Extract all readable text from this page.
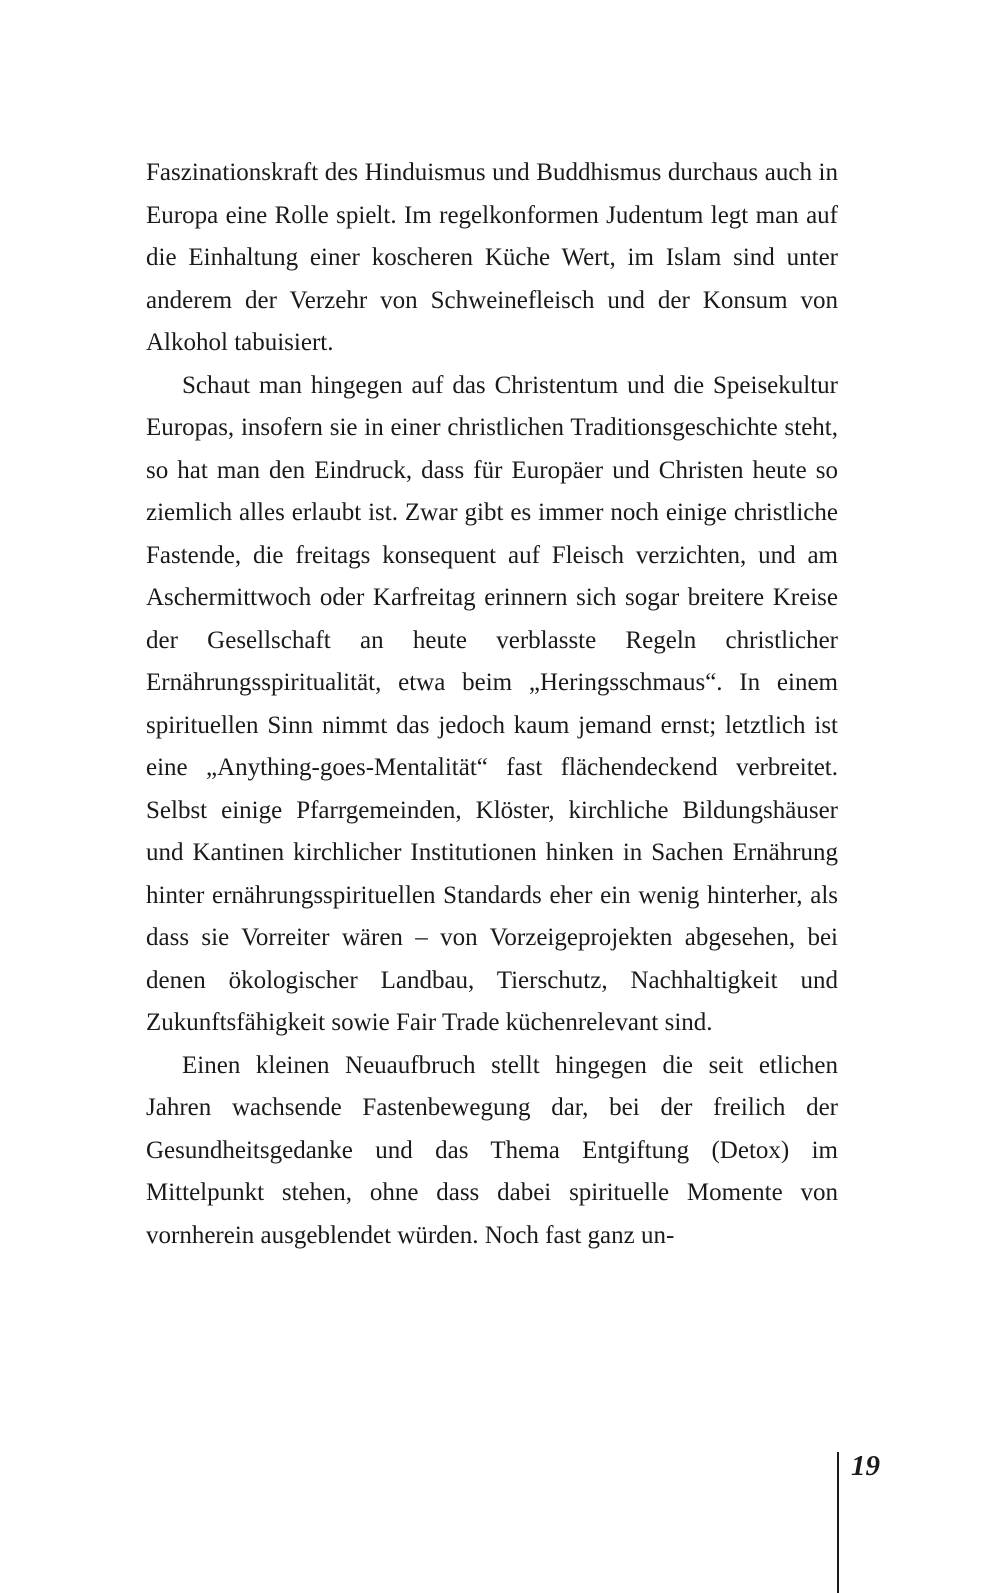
Faszinationskraft des Hinduismus und Buddhismus durchaus auch in Europa eine Rolle spielt. Im regelkonformen Judentum legt man auf die Einhaltung einer koscheren Küche Wert, im Islam sind unter anderem der Verzehr von Schweinefleisch und der Konsum von Alkohol tabuisiert.

Schaut man hingegen auf das Christentum und die Speisekultur Europas, insofern sie in einer christlichen Traditionsgeschichte steht, so hat man den Eindruck, dass für Europäer und Christen heute so ziemlich alles erlaubt ist. Zwar gibt es immer noch einige christliche Fastende, die freitags konsequent auf Fleisch verzichten, und am Aschermittwoch oder Karfreitag erinnern sich sogar breitere Kreise der Gesellschaft an heute verblasste Regeln christlicher Ernährungsspiritualität, etwa beim „Heringsschmaus“. In einem spirituellen Sinn nimmt das jedoch kaum jemand ernst; letztlich ist eine „Anything-goes-Mentalität“ fast flächendeckend verbreitet. Selbst einige Pfarrgemeinden, Klöster, kirchliche Bildungshäuser und Kantinen kirchlicher Institutionen hinken in Sachen Ernährung hinter ernährungsspirituellen Standards eher ein wenig hinterher, als dass sie Vorreiter wären – von Vorzeigeprojekten abgesehen, bei denen ökologischer Landbau, Tierschutz, Nachhaltigkeit und Zukunftsfähigkeit sowie Fair Trade küchenrelevant sind.

Einen kleinen Neuaufbruch stellt hingegen die seit etlichen Jahren wachsende Fastenbewegung dar, bei der freilich der Gesundheitsgedanke und das Thema Entgiftung (Detox) im Mittelpunkt stehen, ohne dass dabei spirituelle Momente von vornherein ausgeblendet würden. Noch fast ganz un-

19
